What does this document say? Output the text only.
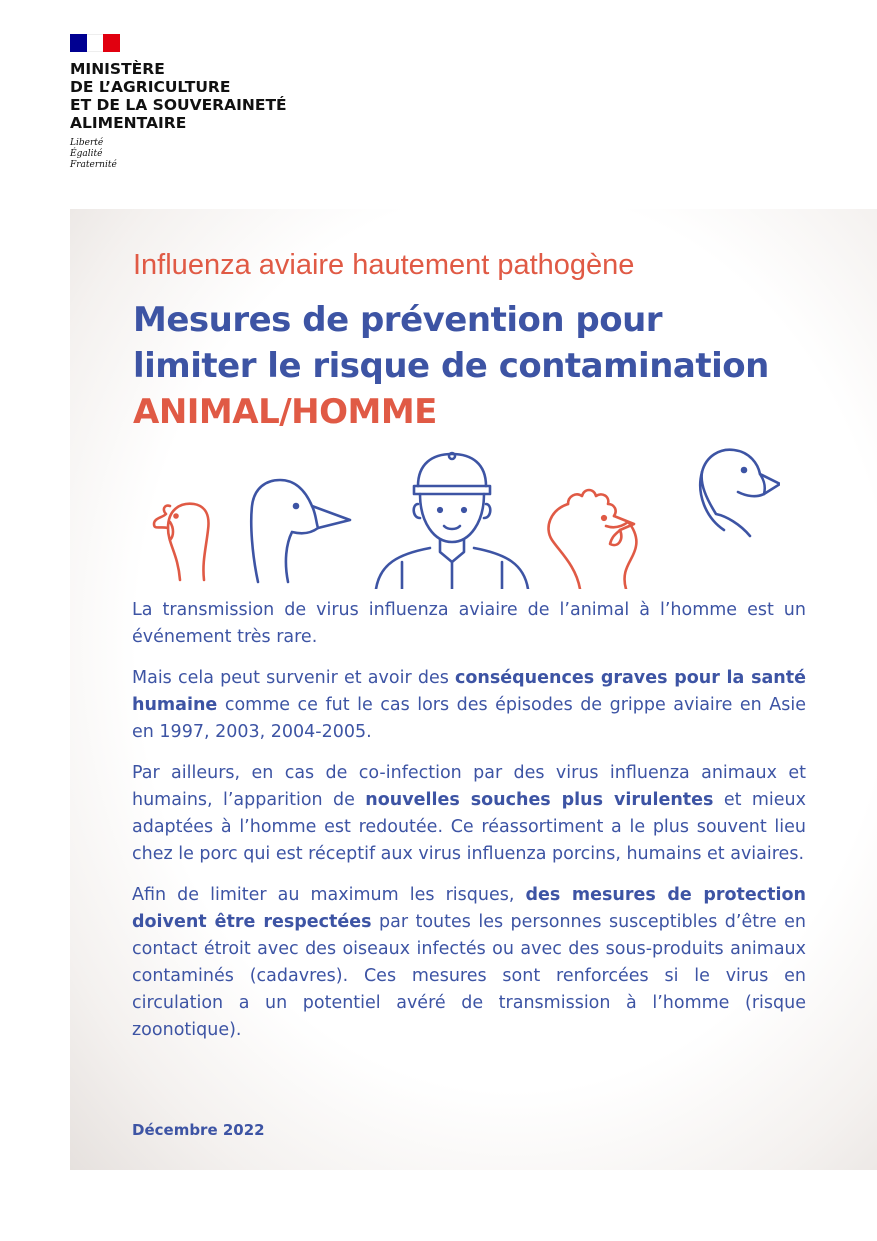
MINISTÈRE
DE L’AGRICULTURE
ET DE LA SOUVERAINETÉ
ALIMENTAIRE
Liberté
Égalité
Fraternité
Influenza aviaire hautement pathogène
Mesures de prévention pour
limiter le risque de contamination
ANIMAL/HOMME

La transmission de virus influenza aviaire de l’animal à l’homme est un événement très rare.

Mais cela peut survenir et avoir des conséquences graves pour la santé humaine comme ce fut le cas lors des épisodes de grippe aviaire en Asie en 1997, 2003, 2004-2005.

Par ailleurs, en cas de co-infection par des virus influenza animaux et humains, l’apparition de nouvelles souches plus virulentes et mieux adaptées à l’homme est redoutée. Ce réassortiment a le plus souvent lieu chez le porc qui est réceptif aux virus influenza porcins, humains et aviaires.

Afin de limiter au maximum les risques, des mesures de protection doivent être respectées par toutes les personnes susceptibles d’être en contact étroit avec des oiseaux infectés ou avec des sous-produits animaux contaminés (cadavres). Ces mesures sont renforcées si le virus en circulation a un potentiel avéré de transmission à l’homme (risque zoonotique).

Décembre 2022
